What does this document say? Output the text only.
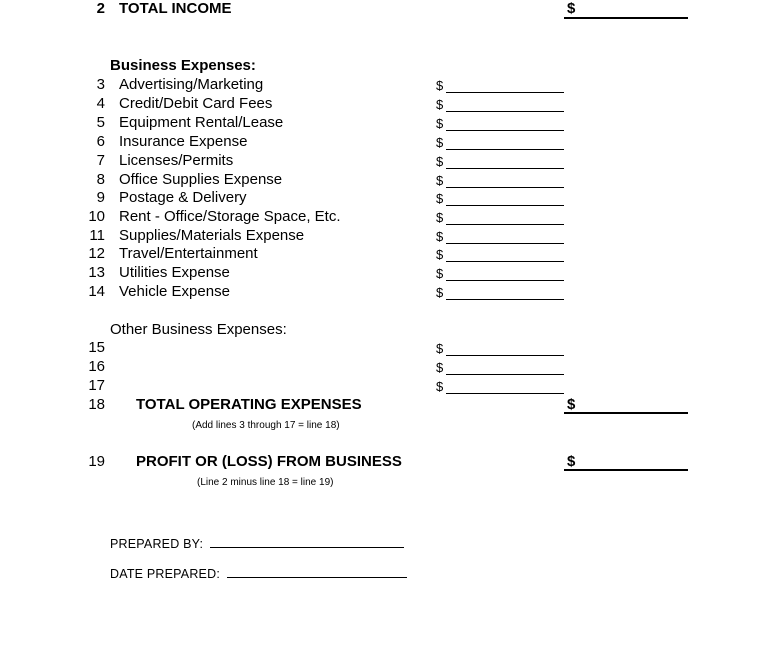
2 TOTAL INCOME	$
Business Expenses:
3 Advertising/Marketing	$
4 Credit/Debit Card Fees	$
5 Equipment Rental/Lease	$
6 Insurance Expense	$
7 Licenses/Permits	$
8 Office Supplies Expense	$
9 Postage & Delivery	$
10 Rent - Office/Storage Space, Etc.	$
11 Supplies/Materials Expense	$
12 Travel/Entertainment	$
13 Utilities Expense	$
14 Vehicle Expense	$
Other Business Expenses:
15	$
16	$
17	$
18 TOTAL OPERATING EXPENSES	$
(Add lines 3 through 17 = line 18)
19 PROFIT OR (LOSS) FROM BUSINESS	$
(Line 2 minus line 18 = line 19)
PREPARED BY:
DATE PREPARED:
